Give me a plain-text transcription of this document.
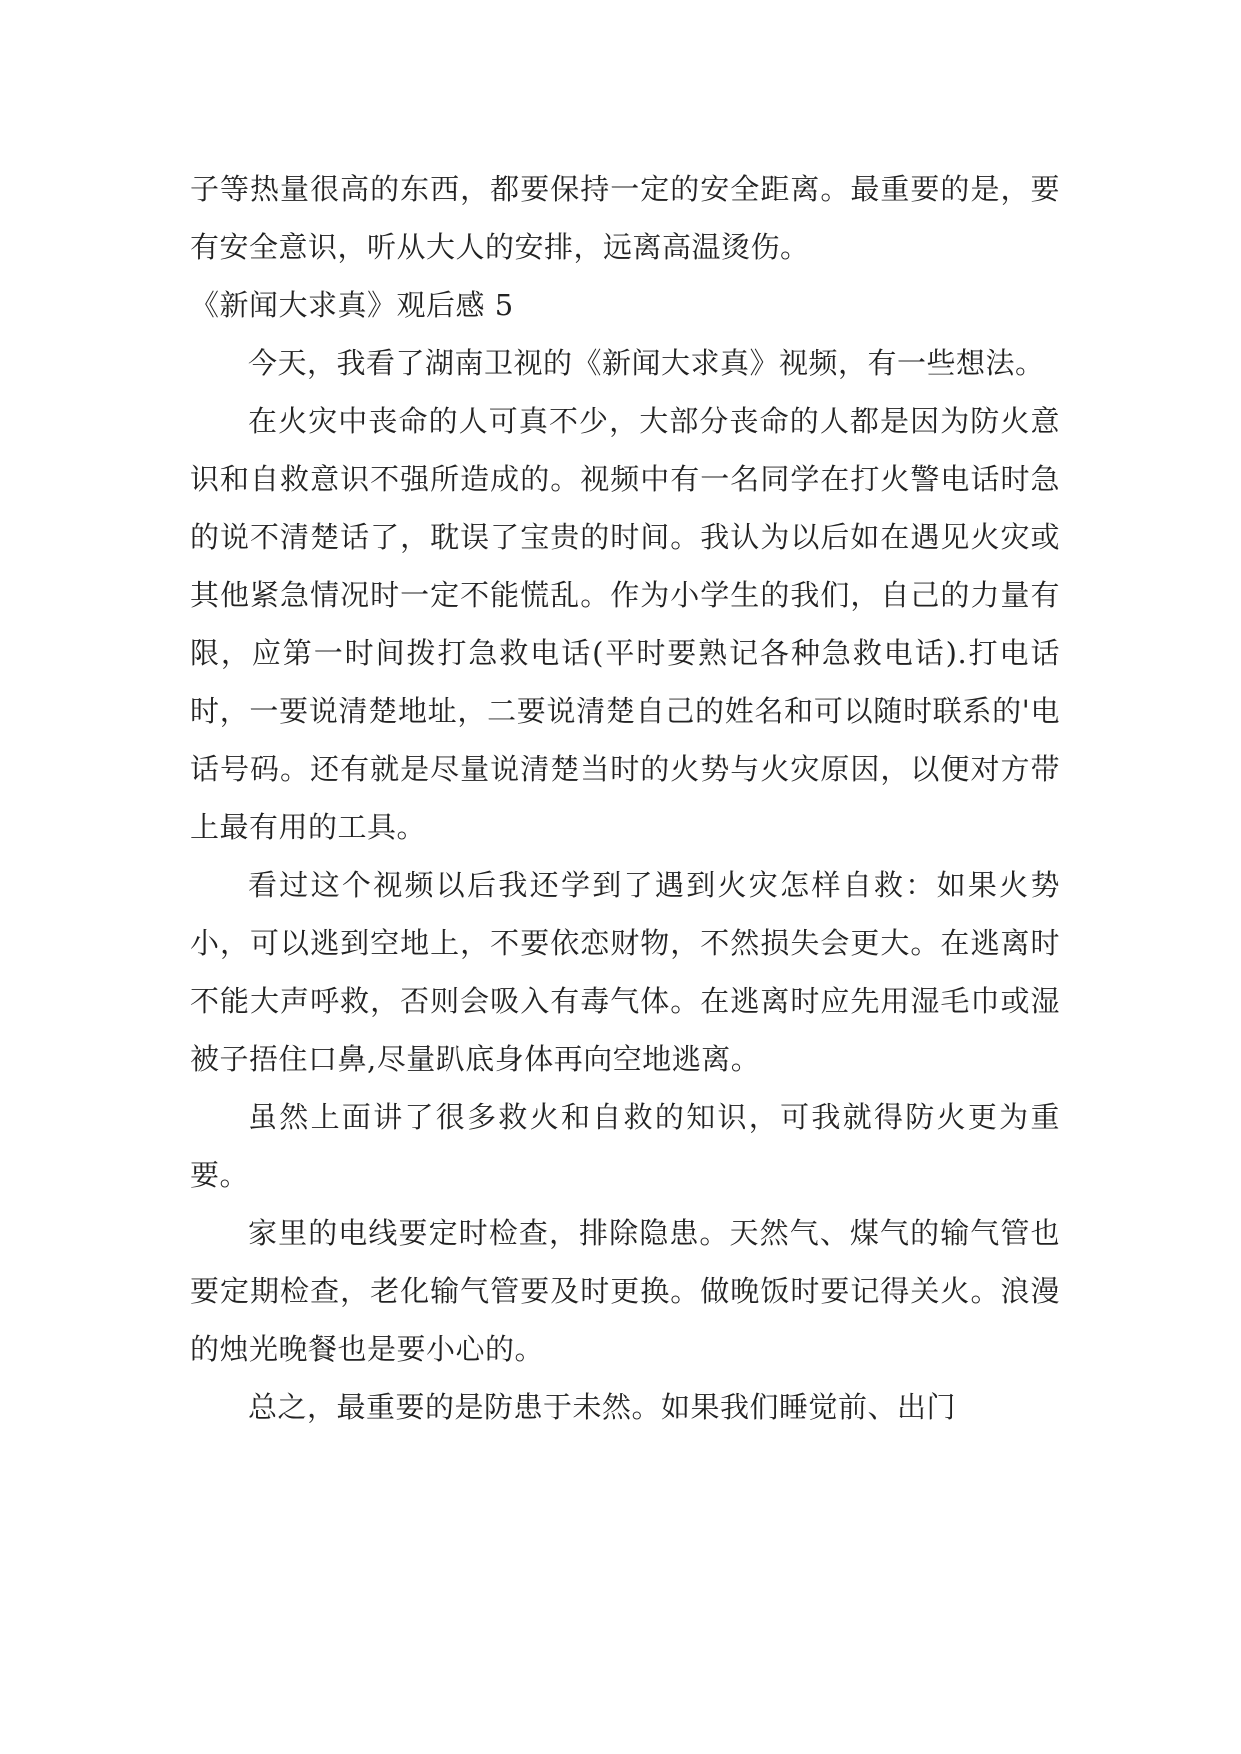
子等热量很高的东西，都要保持一定的安全距离。最重要的是，要有安全意识，听从大人的安排，远离高温烫伤。

《新闻大求真》观后感 5

今天，我看了湖南卫视的《新闻大求真》视频，有一些想法。

在火灾中丧命的人可真不少，大部分丧命的人都是因为防火意识和自救意识不强所造成的。视频中有一名同学在打火警电话时急的说不清楚话了，耽误了宝贵的时间。我认为以后如在遇见火灾或其他紧急情况时一定不能慌乱。作为小学生的我们，自己的力量有限，应第一时间拨打急救电话(平时要熟记各种急救电话).打电话时，一要说清楚地址，二要说清楚自己的姓名和可以随时联系的'电话号码。还有就是尽量说清楚当时的火势与火灾原因，以便对方带上最有用的工具。

看过这个视频以后我还学到了遇到火灾怎样自救：如果火势小，可以逃到空地上，不要依恋财物，不然损失会更大。在逃离时不能大声呼救，否则会吸入有毒气体。在逃离时应先用湿毛巾或湿被子捂住口鼻,尽量趴底身体再向空地逃离。

虽然上面讲了很多救火和自救的知识，可我就得防火更为重要。

家里的电线要定时检查，排除隐患。天然气、煤气的输气管也要定期检查，老化输气管要及时更换。做晚饭时要记得关火。浪漫的烛光晚餐也是要小心的。

总之，最重要的是防患于未然。如果我们睡觉前、出门
